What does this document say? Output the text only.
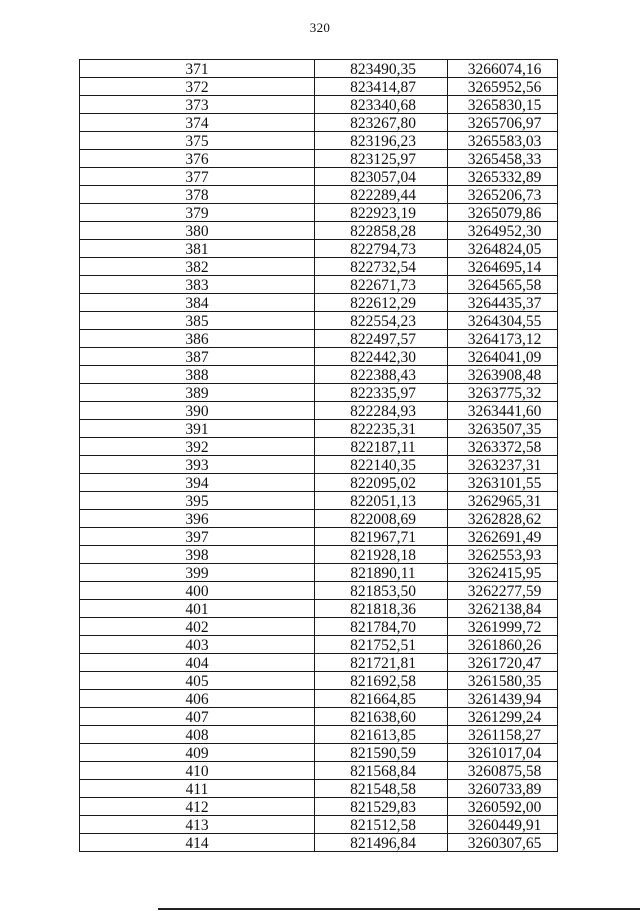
320
371	823490,35	3266074,16
372	823414,87	3265952,56
373	823340,68	3265830,15
374	823267,80	3265706,97
375	823196,23	3265583,03
376	823125,97	3265458,33
377	823057,04	3265332,89
378	822289,44	3265206,73
379	822923,19	3265079,86
380	822858,28	3264952,30
381	822794,73	3264824,05
382	822732,54	3264695,14
383	822671,73	3264565,58
384	822612,29	3264435,37
385	822554,23	3264304,55
386	822497,57	3264173,12
387	822442,30	3264041,09
388	822388,43	3263908,48
389	822335,97	3263775,32
390	822284,93	3263441,60
391	822235,31	3263507,35
392	822187,11	3263372,58
393	822140,35	3263237,31
394	822095,02	3263101,55
395	822051,13	3262965,31
396	822008,69	3262828,62
397	821967,71	3262691,49
398	821928,18	3262553,93
399	821890,11	3262415,95
400	821853,50	3262277,59
401	821818,36	3262138,84
402	821784,70	3261999,72
403	821752,51	3261860,26
404	821721,81	3261720,47
405	821692,58	3261580,35
406	821664,85	3261439,94
407	821638,60	3261299,24
408	821613,85	3261158,27
409	821590,59	3261017,04
410	821568,84	3260875,58
411	821548,58	3260733,89
412	821529,83	3260592,00
413	821512,58	3260449,91
414	821496,84	3260307,65
